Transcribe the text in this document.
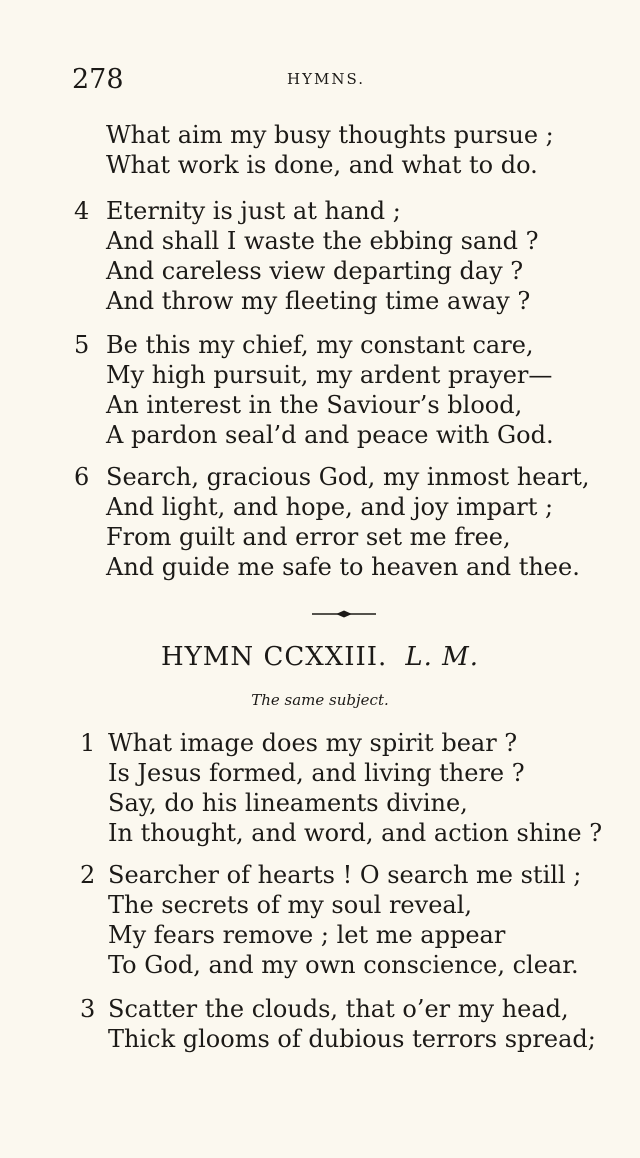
278	HYMNS.
What aim my busy thoughts pursue ;
What work is done, and what to do.
4 Eternity is just at hand ;
And shall I waste the ebbing sand ?
And careless view departing day ?
And throw my fleeting time away ?
5 Be this my chief, my constant care,
My high pursuit, my ardent prayer—
An interest in the Saviour’s blood,
A pardon seal’d and peace with God.
6 Search, gracious God, my inmost heart,
And light, and hope, and joy impart ;
From guilt and error set me free,
And guide me safe to heaven and thee.
HYMN CCXXIII. L. M.
The same subject.
1 What image does my spirit bear ?
Is Jesus formed, and living there ?
Say, do his lineaments divine,
In thought, and word, and action shine ?
2 Searcher of hearts ! O search me still ;
The secrets of my soul reveal,
My fears remove ; let me appear
To God, and my own conscience, clear.
3 Scatter the clouds, that o’er my head,
Thick glooms of dubious terrors spread;
